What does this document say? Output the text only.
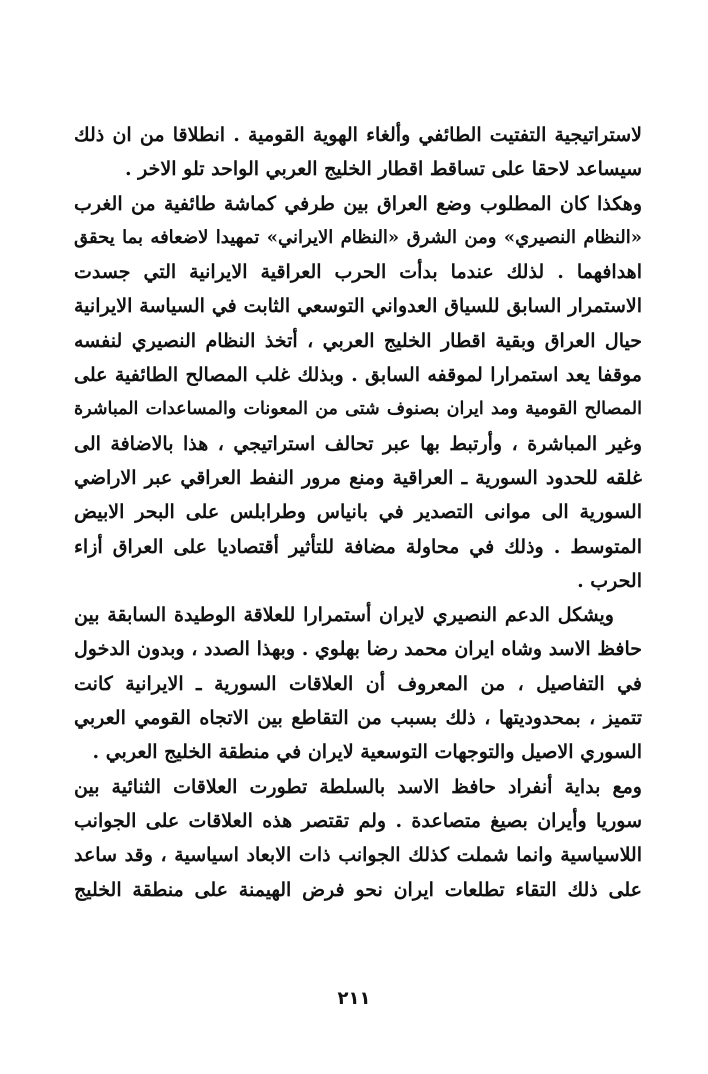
لاستراتيجية التفتيت الطائفي وألغاء الهوية القومية . انطلاقا من ان ذلك
سيساعد لاحقا على تساقط اقطار الخليج العربي الواحد تلو الاخر .
وهكذا كان المطلوب وضع العراق بين طرفي كماشة طائفية من الغرب
«النظام النصيري» ومن الشرق «النظام الايراني» تمهيدا لاضعافه بما يحقق
اهدافهما . لذلك عندما بدأت الحرب العراقية الايرانية التي جسدت
الاستمرار السابق للسياق العدواني التوسعي الثابت في السياسة الايرانية
حيال العراق وبقية اقطار الخليج العربي ، أتخذ النظام النصيري لنفسه
موقفا يعد استمرارا لموقفه السابق . وبذلك غلب المصالح الطائفية على
المصالح القومية ومد ايران بصنوف شتى من المعونات والمساعدات المباشرة
وغير المباشرة ، وأرتبط بها عبر تحالف استراتيجي ، هذا بالاضافة الى
غلقه للحدود السورية ـ العراقية ومنع مرور النفط العراقي عبر الاراضي
السورية الى موانى التصدير في بانياس وطرابلس على البحر الابيض
المتوسط . وذلك في محاولة مضافة للتأثير أقتصاديا على العراق أزاء
الحرب .
ويشكل الدعم النصيري لايران أستمرارا للعلاقة الوطيدة السابقة بين
حافظ الاسد وشاه ايران محمد رضا بهلوي . وبهذا الصدد ، وبدون الدخول
في التفاصيل ، من المعروف أن العلاقات السورية ـ الايرانية كانت
تتميز ، بمحدوديتها ، ذلك بسبب من التقاطع بين الاتجاه القومي العربي
السوري الاصيل والتوجهات التوسعية لايران في منطقة الخليج العربي .
ومع بداية أنفراد حافظ الاسد بالسلطة تطورت العلاقات الثنائية بين
سوريا وأيران بصيغ متصاعدة . ولم تقتصر هذه العلاقات على الجوانب
اللاسياسية وانما شملت كذلك الجوانب ذات الابعاد اسياسية ، وقد ساعد
على ذلك التقاء تطلعات ايران نحو فرض الهيمنة على منطقة الخليج
٢١١
